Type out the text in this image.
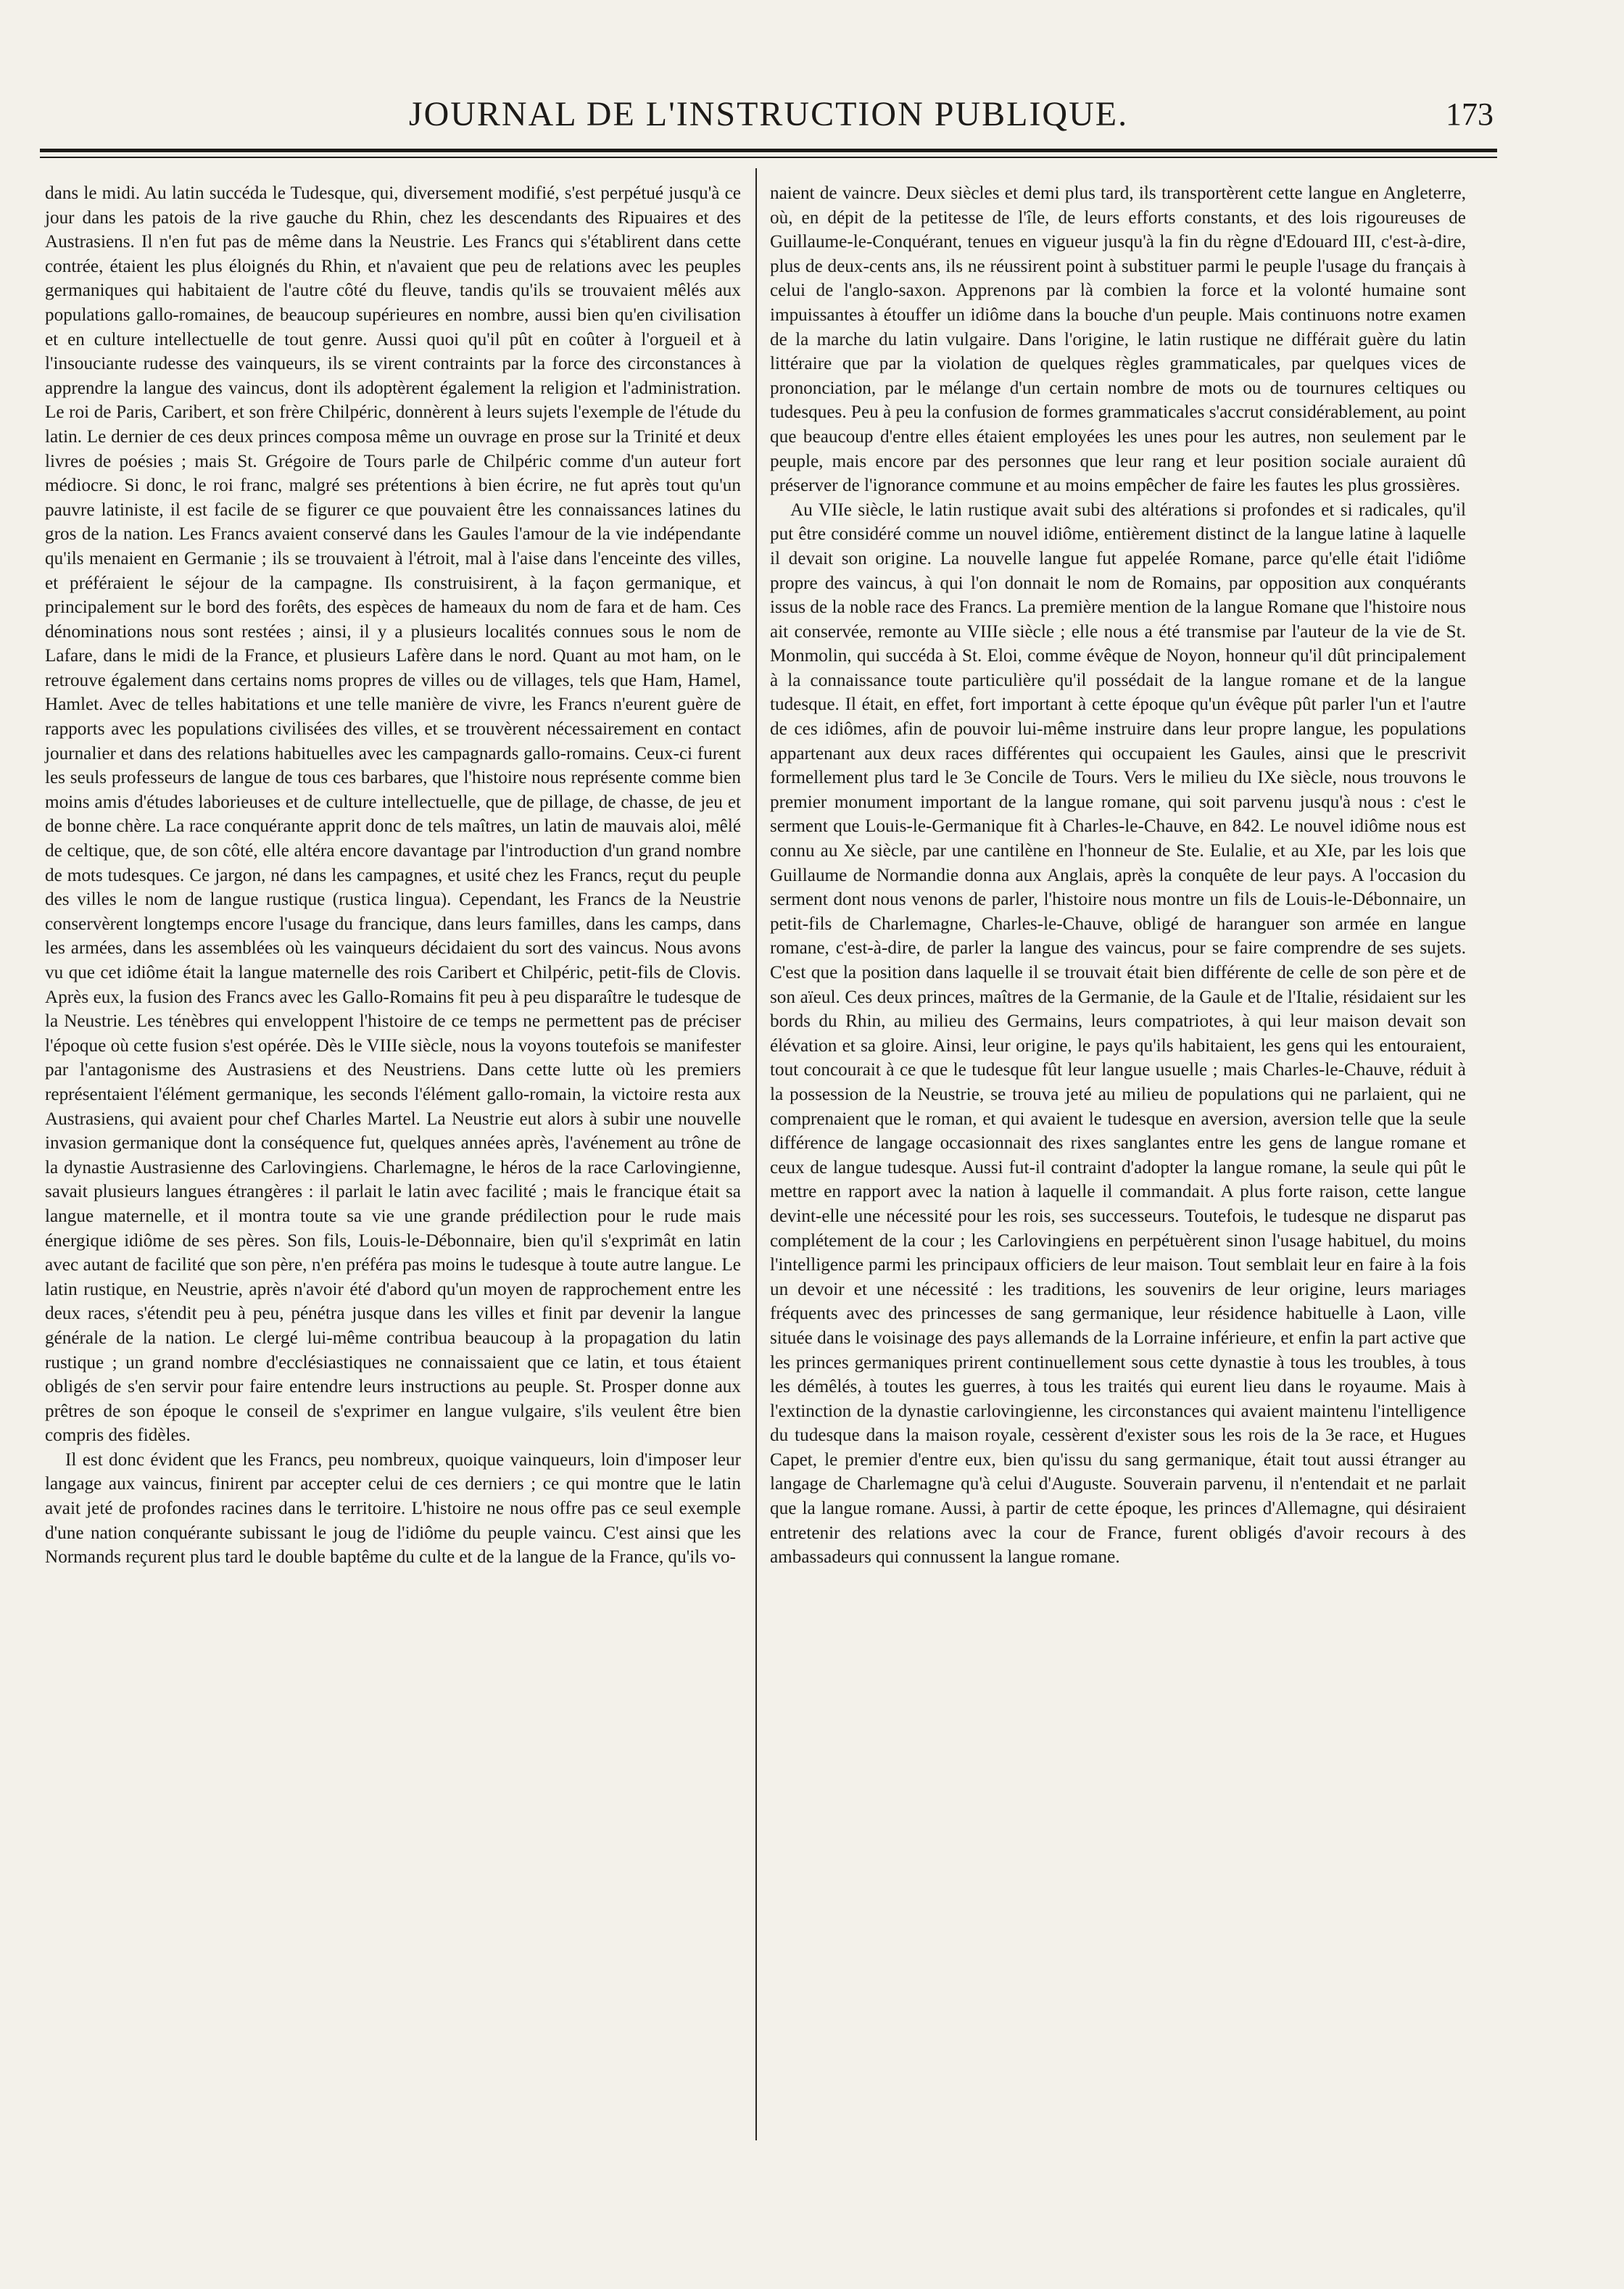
JOURNAL DE L'INSTRUCTION PUBLIQUE.	173

dans le midi. Au latin succéda le Tudesque, qui, diversement modifié, s'est perpétué jusqu'à ce jour dans les patois de la rive gauche du Rhin, chez les descendants des Ripuaires et des Austrasiens. Il n'en fut pas de même dans la Neustrie. Les Francs qui s'établirent dans cette contrée, étaient les plus éloignés du Rhin, et n'avaient que peu de relations avec les peuples germaniques qui habitaient de l'autre côté du fleuve, tandis qu'ils se trouvaient mêlés aux populations gallo-romaines, de beaucoup supérieures en nombre, aussi bien qu'en civilisation et en culture intellectuelle de tout genre. Aussi quoi qu'il pût en coûter à l'orgueil et à l'insouciante rudesse des vainqueurs, ils se virent contraints par la force des circonstances à apprendre la langue des vaincus, dont ils adoptèrent également la religion et l'administration. Le roi de Paris, Caribert, et son frère Chilpéric, donnèrent à leurs sujets l'exemple de l'étude du latin. Le dernier de ces deux princes composa même un ouvrage en prose sur la Trinité et deux livres de poésies ; mais St. Grégoire de Tours parle de Chilpéric comme d'un auteur fort médiocre. Si donc, le roi franc, malgré ses prétentions à bien écrire, ne fut après tout qu'un pauvre latiniste, il est facile de se figurer ce que pouvaient être les connaissances latines du gros de la nation. Les Francs avaient conservé dans les Gaules l'amour de la vie indépendante qu'ils menaient en Germanie ; ils se trouvaient à l'étroit, mal à l'aise dans l'enceinte des villes, et préféraient le séjour de la campagne. Ils construisirent, à la façon germanique, et principalement sur le bord des forêts, des espèces de hameaux du nom de fara et de ham. Ces dénominations nous sont restées ; ainsi, il y a plusieurs localités connues sous le nom de Lafare, dans le midi de la France, et plusieurs Lafère dans le nord. Quant au mot ham, on le retrouve également dans certains noms propres de villes ou de villages, tels que Ham, Hamel, Hamlet. Avec de telles habitations et une telle manière de vivre, les Francs n'eurent guère de rapports avec les populations civilisées des villes, et se trouvèrent nécessairement en contact journalier et dans des relations habituelles avec les campagnards gallo-romains. Ceux-ci furent les seuls professeurs de langue de tous ces barbares, que l'histoire nous représente comme bien moins amis d'études laborieuses et de culture intellectuelle, que de pillage, de chasse, de jeu et de bonne chère. La race conquérante apprit donc de tels maîtres, un latin de mauvais aloi, mêlé de celtique, que, de son côté, elle altéra encore davantage par l'introduction d'un grand nombre de mots tudesques. Ce jargon, né dans les campagnes, et usité chez les Francs, reçut du peuple des villes le nom de langue rustique (rustica lingua). Cependant, les Francs de la Neustrie conservèrent longtemps encore l'usage du francique, dans leurs familles, dans les camps, dans les armées, dans les assemblées où les vainqueurs décidaient du sort des vaincus. Nous avons vu que cet idiôme était la langue maternelle des rois Caribert et Chilpéric, petit-fils de Clovis. Après eux, la fusion des Francs avec les Gallo-Romains fit peu à peu disparaître le tudesque de la Neustrie. Les ténèbres qui enveloppent l'histoire de ce temps ne permettent pas de préciser l'époque où cette fusion s'est opérée. Dès le VIIIe siècle, nous la voyons toutefois se manifester par l'antagonisme des Austrasiens et des Neustriens. Dans cette lutte où les premiers représentaient l'élément germanique, les seconds l'élément gallo-romain, la victoire resta aux Austrasiens, qui avaient pour chef Charles Martel. La Neustrie eut alors à subir une nouvelle invasion germanique dont la conséquence fut, quelques années après, l'avénement au trône de la dynastie Austrasienne des Carlovingiens. Charlemagne, le héros de la race Carlovingienne, savait plusieurs langues étrangères : il parlait le latin avec facilité ; mais le francique était sa langue maternelle, et il montra toute sa vie une grande prédilection pour le rude mais énergique idiôme de ses pères. Son fils, Louis-le-Débonnaire, bien qu'il s'exprimât en latin avec autant de facilité que son père, n'en préféra pas moins le tudesque à toute autre langue. Le latin rustique, en Neustrie, après n'avoir été d'abord qu'un moyen de rapprochement entre les deux races, s'étendit peu à peu, pénétra jusque dans les villes et finit par devenir la langue générale de la nation. Le clergé lui-même contribua beaucoup à la propagation du latin rustique ; un grand nombre d'ecclésiastiques ne connaissaient que ce latin, et tous étaient obligés de s'en servir pour faire entendre leurs instructions au peuple. St. Prosper donne aux prêtres de son époque le conseil de s'exprimer en langue vulgaire, s'ils veulent être bien compris des fidèles.

Il est donc évident que les Francs, peu nombreux, quoique vainqueurs, loin d'imposer leur langage aux vaincus, finirent par accepter celui de ces derniers ; ce qui montre que le latin avait jeté de profondes racines dans le territoire. L'histoire ne nous offre pas ce seul exemple d'une nation conquérante subissant le joug de l'idiôme du peuple vaincu. C'est ainsi que les Normands reçurent plus tard le double baptême du culte et de la langue de la France, qu'ils vo-

naient de vaincre. Deux siècles et demi plus tard, ils transportèrent cette langue en Angleterre, où, en dépit de la petitesse de l'île, de leurs efforts constants, et des lois rigoureuses de Guillaume-le-Conquérant, tenues en vigueur jusqu'à la fin du règne d'Edouard III, c'est-à-dire, plus de deux-cents ans, ils ne réussirent point à substituer parmi le peuple l'usage du français à celui de l'anglo-saxon. Apprenons par là combien la force et la volonté humaine sont impuissantes à étouffer un idiôme dans la bouche d'un peuple. Mais continuons notre examen de la marche du latin vulgaire. Dans l'origine, le latin rustique ne différait guère du latin littéraire que par la violation de quelques règles grammaticales, par quelques vices de prononciation, par le mélange d'un certain nombre de mots ou de tournures celtiques ou tudesques. Peu à peu la confusion de formes grammaticales s'accrut considérablement, au point que beaucoup d'entre elles étaient employées les unes pour les autres, non seulement par le peuple, mais encore par des personnes que leur rang et leur position sociale auraient dû préserver de l'ignorance commune et au moins empêcher de faire les fautes les plus grossières.

Au VIIe siècle, le latin rustique avait subi des altérations si profondes et si radicales, qu'il put être considéré comme un nouvel idiôme, entièrement distinct de la langue latine à laquelle il devait son origine. La nouvelle langue fut appelée Romane, parce qu'elle était l'idiôme propre des vaincus, à qui l'on donnait le nom de Romains, par opposition aux conquérants issus de la noble race des Francs. La première mention de la langue Romane que l'histoire nous ait conservée, remonte au VIIIe siècle ; elle nous a été transmise par l'auteur de la vie de St. Monmolin, qui succéda à St. Eloi, comme évêque de Noyon, honneur qu'il dût principalement à la connaissance toute particulière qu'il possédait de la langue romane et de la langue tudesque. Il était, en effet, fort important à cette époque qu'un évêque pût parler l'un et l'autre de ces idiômes, afin de pouvoir lui-même instruire dans leur propre langue, les populations appartenant aux deux races différentes qui occupaient les Gaules, ainsi que le prescrivit formellement plus tard le 3e Concile de Tours. Vers le milieu du IXe siècle, nous trouvons le premier monument important de la langue romane, qui soit parvenu jusqu'à nous : c'est le serment que Louis-le-Germanique fit à Charles-le-Chauve, en 842. Le nouvel idiôme nous est connu au Xe siècle, par une cantilène en l'honneur de Ste. Eulalie, et au XIe, par les lois que Guillaume de Normandie donna aux Anglais, après la conquête de leur pays. A l'occasion du serment dont nous venons de parler, l'histoire nous montre un fils de Louis-le-Débonnaire, un petit-fils de Charlemagne, Charles-le-Chauve, obligé de haranguer son armée en langue romane, c'est-à-dire, de parler la langue des vaincus, pour se faire comprendre de ses sujets. C'est que la position dans laquelle il se trouvait était bien différente de celle de son père et de son aïeul. Ces deux princes, maîtres de la Germanie, de la Gaule et de l'Italie, résidaient sur les bords du Rhin, au milieu des Germains, leurs compatriotes, à qui leur maison devait son élévation et sa gloire. Ainsi, leur origine, le pays qu'ils habitaient, les gens qui les entouraient, tout concourait à ce que le tudesque fût leur langue usuelle ; mais Charles-le-Chauve, réduit à la possession de la Neustrie, se trouva jeté au milieu de populations qui ne parlaient, qui ne comprenaient que le roman, et qui avaient le tudesque en aversion, aversion telle que la seule différence de langage occasionnait des rixes sanglantes entre les gens de langue romane et ceux de langue tudesque. Aussi fut-il contraint d'adopter la langue romane, la seule qui pût le mettre en rapport avec la nation à laquelle il commandait. A plus forte raison, cette langue devint-elle une nécessité pour les rois, ses successeurs. Toutefois, le tudesque ne disparut pas complétement de la cour ; les Carlovingiens en perpétuèrent sinon l'usage habituel, du moins l'intelligence parmi les principaux officiers de leur maison. Tout semblait leur en faire à la fois un devoir et une nécessité : les traditions, les souvenirs de leur origine, leurs mariages fréquents avec des princesses de sang germanique, leur résidence habituelle à Laon, ville située dans le voisinage des pays allemands de la Lorraine inférieure, et enfin la part active que les princes germaniques prirent continuellement sous cette dynastie à tous les troubles, à tous les démêlés, à toutes les guerres, à tous les traités qui eurent lieu dans le royaume. Mais à l'extinction de la dynastie carlovingienne, les circonstances qui avaient maintenu l'intelligence du tudesque dans la maison royale, cessèrent d'exister sous les rois de la 3e race, et Hugues Capet, le premier d'entre eux, bien qu'issu du sang germanique, était tout aussi étranger au langage de Charlemagne qu'à celui d'Auguste. Souverain parvenu, il n'entendait et ne parlait que la langue romane. Aussi, à partir de cette époque, les princes d'Allemagne, qui désiraient entretenir des relations avec la cour de France, furent obligés d'avoir recours à des ambassadeurs qui connussent la langue romane.
